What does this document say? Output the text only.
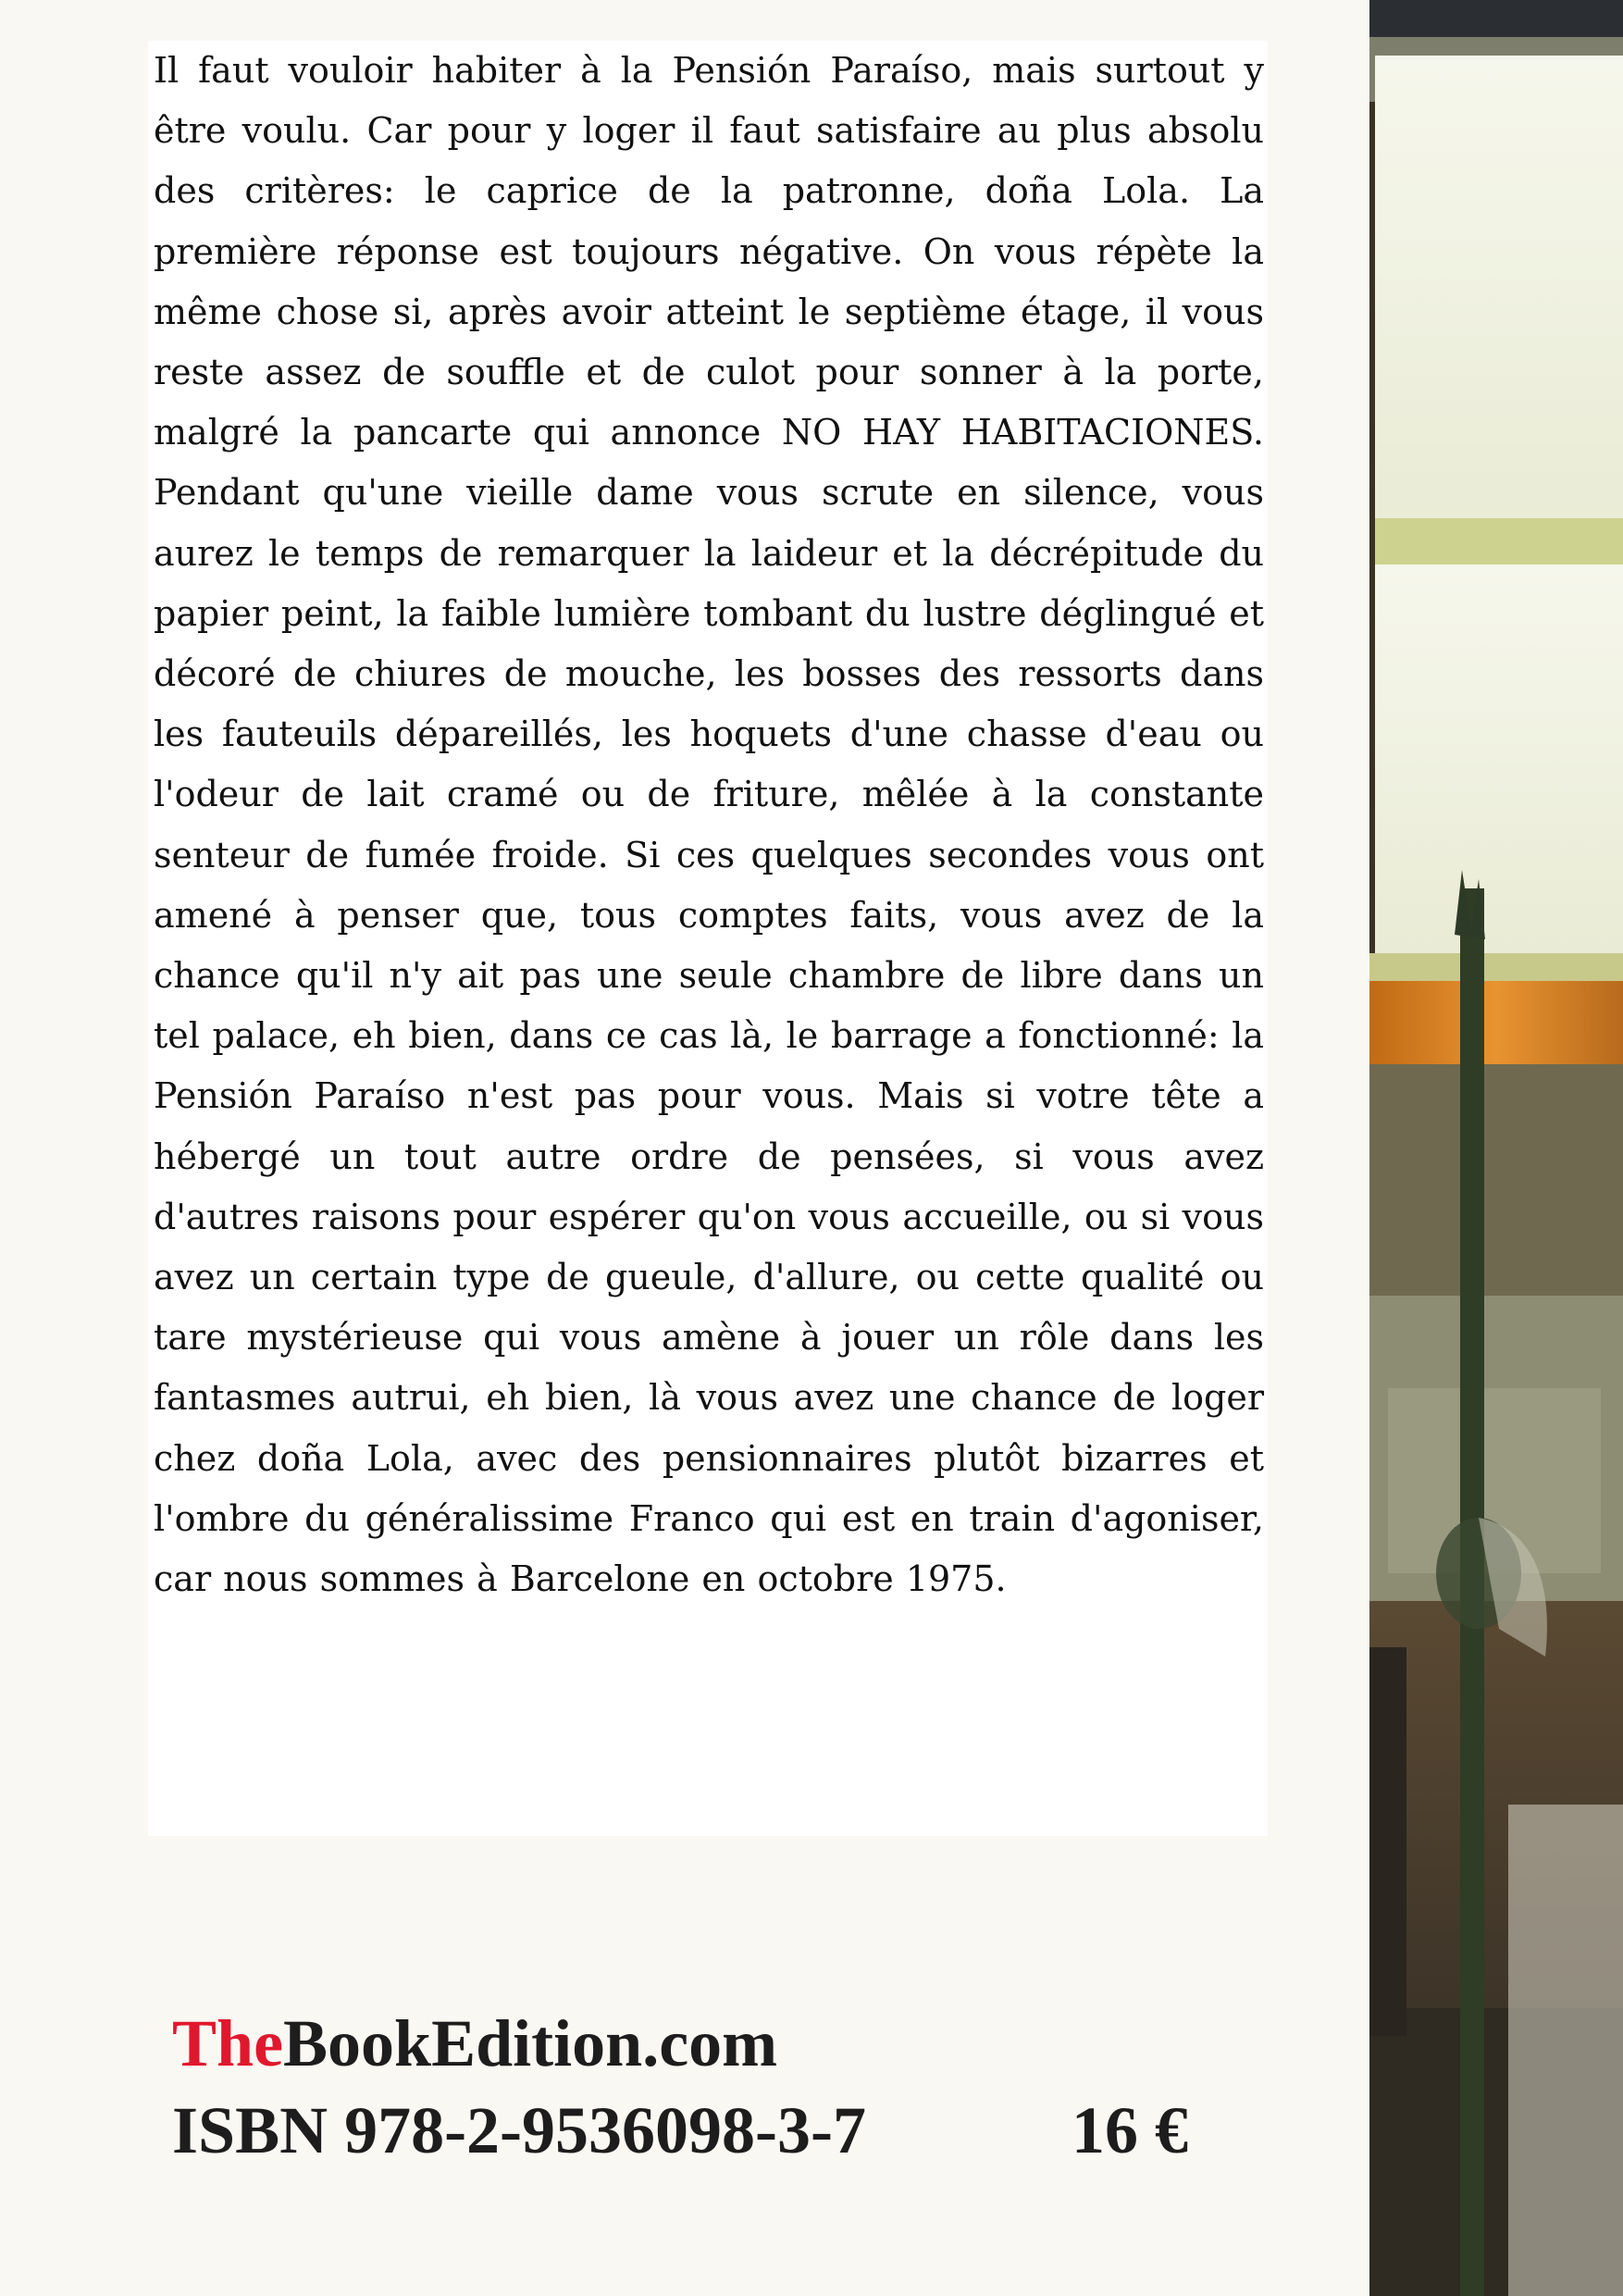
Il faut vouloir habiter à la Pensión Paraíso, mais surtout y être voulu. Car pour y loger il faut satisfaire au plus absolu des critères: le caprice de la patronne, doña Lola. La première réponse est toujours négative. On vous répète la même chose si, après avoir atteint le septième étage, il vous reste assez de souffle et de culot pour sonner à la porte, malgré la pancarte qui annonce NO HAY HABITACIONES. Pendant qu'une vieille dame vous scrute en silence, vous aurez le temps de remarquer la laideur et la décrépitude du papier peint, la faible lumière tombant du lustre déglingué et décoré de chiures de mouche, les bosses des ressorts dans les fauteuils dépareillés, les hoquets d'une chasse d'eau ou l'odeur de lait cramé ou de friture, mêlée à la constante senteur de fumée froide. Si ces quelques secondes vous ont amené à penser que, tous comptes faits, vous avez de la chance qu'il n'y ait pas une seule chambre de libre dans un tel palace, eh bien, dans ce cas là, le barrage a fonctionné: la Pensión Paraíso n'est pas pour vous. Mais si votre tête a hébergé un tout autre ordre de pensées, si vous avez d'autres raisons pour espérer qu'on vous accueille, ou si vous avez un certain type de gueule, d'allure, ou cette qualité ou tare mystérieuse qui vous amène à jouer un rôle dans les fantasmes autrui, eh bien, là vous avez une chance de loger chez doña Lola, avec des pensionnaires plutôt bizarres et l'ombre du généralissime Franco qui est en train d'agoniser, car nous sommes à Barcelone en octobre 1975.

TheBookEdition.com
ISBN 978-2-9536098-3-7	16 €
